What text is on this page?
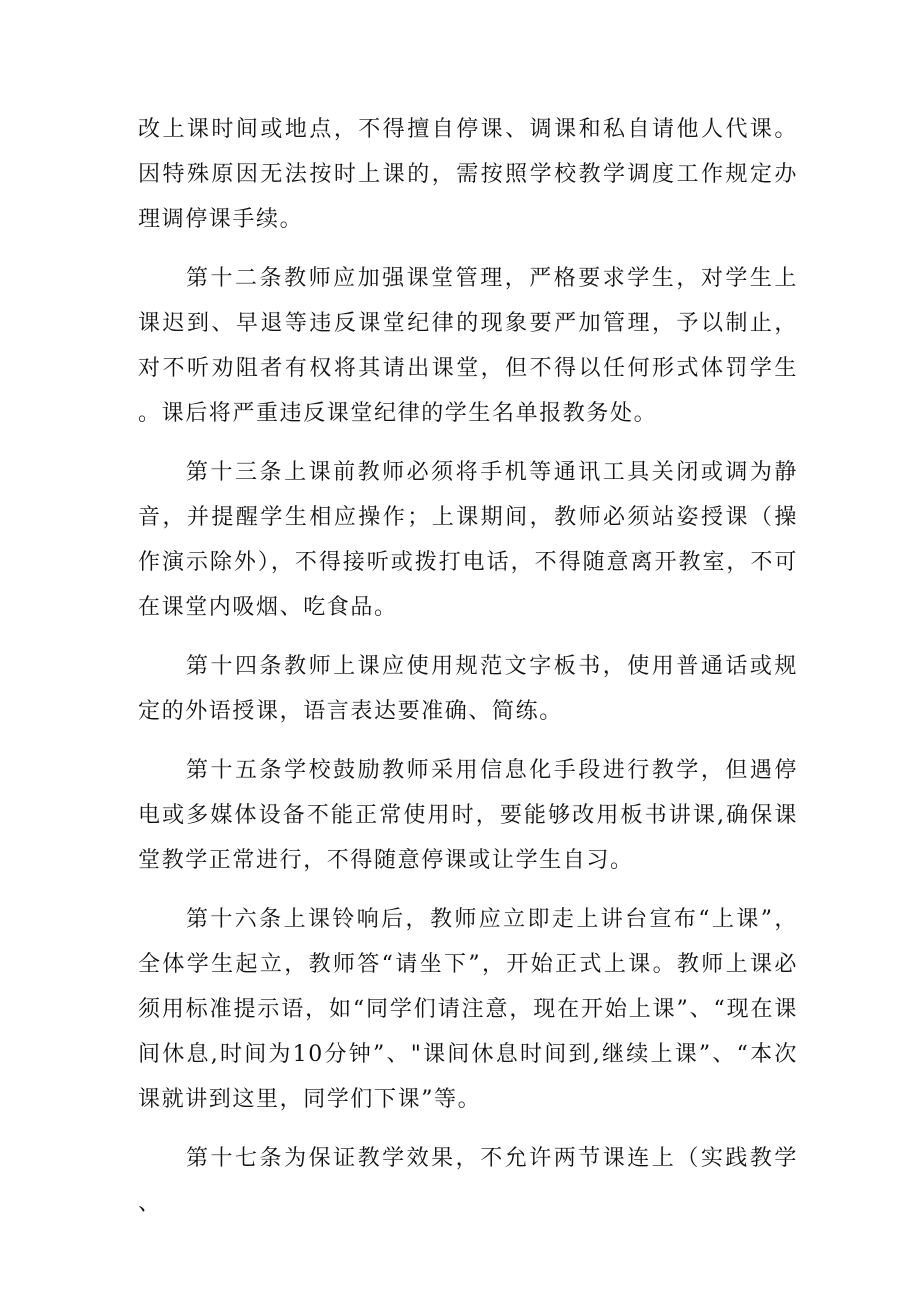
改上课时间或地点，不得擅自停课、调课和私自请他人代课。因特殊原因无法按时上课的，需按照学校教学调度工作规定办理调停课手续。

第十二条教师应加强课堂管理，严格要求学生，对学生上课迟到、早退等违反课堂纪律的现象要严加管理，予以制止，对不听劝阻者有权将其请出课堂，但不得以任何形式体罚学生。课后将严重违反课堂纪律的学生名单报教务处。

第十三条上课前教师必须将手机等通讯工具关闭或调为静音，并提醒学生相应操作；上课期间，教师必须站姿授课（操作演示除外），不得接听或拨打电话，不得随意离开教室，不可在课堂内吸烟、吃食品。

第十四条教师上课应使用规范文字板书，使用普通话或规定的外语授课，语言表达要准确、简练。

第十五条学校鼓励教师采用信息化手段进行教学，但遇停电或多媒体设备不能正常使用时，要能够改用板书讲课,确保课堂教学正常进行，不得随意停课或让学生自习。

第十六条上课铃响后，教师应立即走上讲台宣布“上课”，全体学生起立，教师答“请坐下”，开始正式上课。教师上课必须用标准提示语，如“同学们请注意，现在开始上课”、“现在课间休息,时间为10分钟”、"课间休息时间到,继续上课”、“本次课就讲到这里，同学们下课”等。

第十七条为保证教学效果，不允许两节课连上（实践教学、
